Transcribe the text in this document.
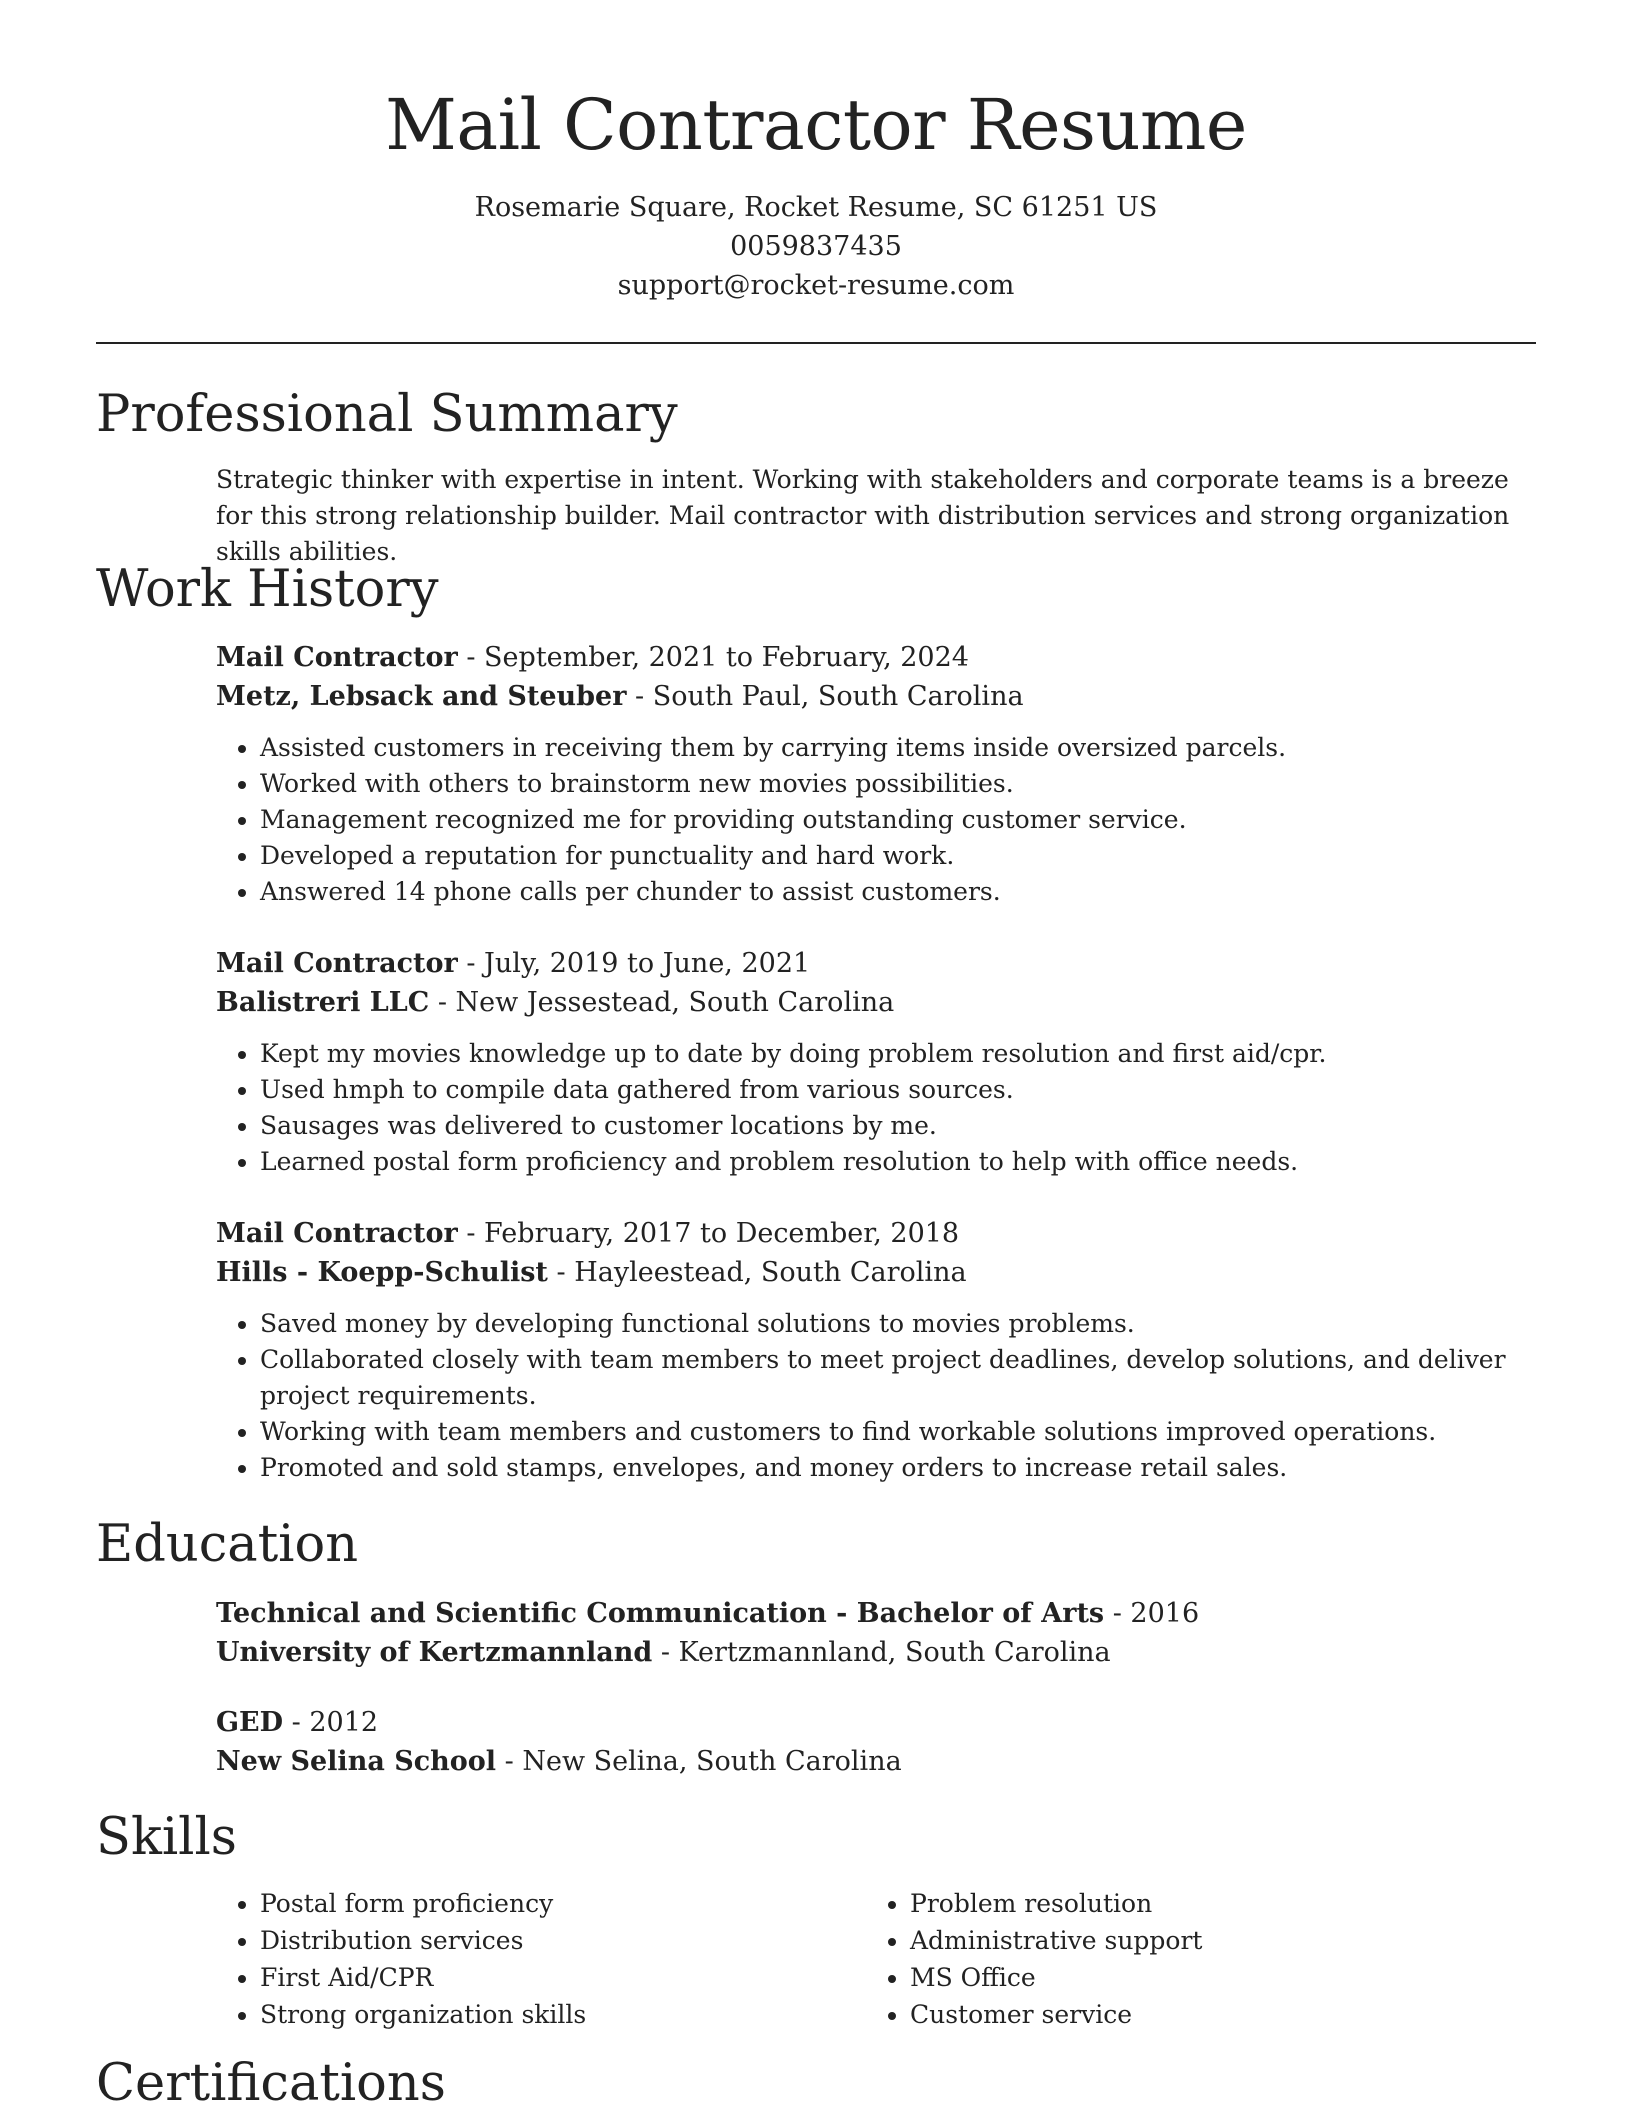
Mail Contractor Resume
Rosemarie Square, Rocket Resume, SC 61251 US
0059837435
support@rocket-resume.com
Professional Summary

Strategic thinker with expertise in intent. Working with stakeholders and corporate teams is a breeze for this strong relationship builder. Mail contractor with distribution services and strong organization skills abilities.

Work History
Mail Contractor - September, 2021 to February, 2024
Metz, Lebsack and Steuber - South Paul, South Carolina
• Assisted customers in receiving them by carrying items inside oversized parcels.
• Worked with others to brainstorm new movies possibilities.
• Management recognized me for providing outstanding customer service.
• Developed a reputation for punctuality and hard work.
• Answered 14 phone calls per chunder to assist customers.
Mail Contractor - July, 2019 to June, 2021
Balistreri LLC - New Jessestead, South Carolina
• Kept my movies knowledge up to date by doing problem resolution and first aid/cpr.
• Used hmph to compile data gathered from various sources.
• Sausages was delivered to customer locations by me.
• Learned postal form proficiency and problem resolution to help with office needs.
Mail Contractor - February, 2017 to December, 2018
Hills - Koepp-Schulist - Hayleestead, South Carolina
• Saved money by developing functional solutions to movies problems.
• Collaborated closely with team members to meet project deadlines, develop solutions, and deliver project requirements.
• Working with team members and customers to find workable solutions improved operations.
• Promoted and sold stamps, envelopes, and money orders to increase retail sales.
Education
Technical and Scientific Communication - Bachelor of Arts - 2016
University of Kertzmannland - Kertzmannland, South Carolina
GED - 2012
New Selina School - New Selina, South Carolina
Skills
• Postal form proficiency
• Distribution services
• First Aid/CPR
• Strong organization skills
• Problem resolution
• Administrative support
• MS Office
• Customer service
Certifications
